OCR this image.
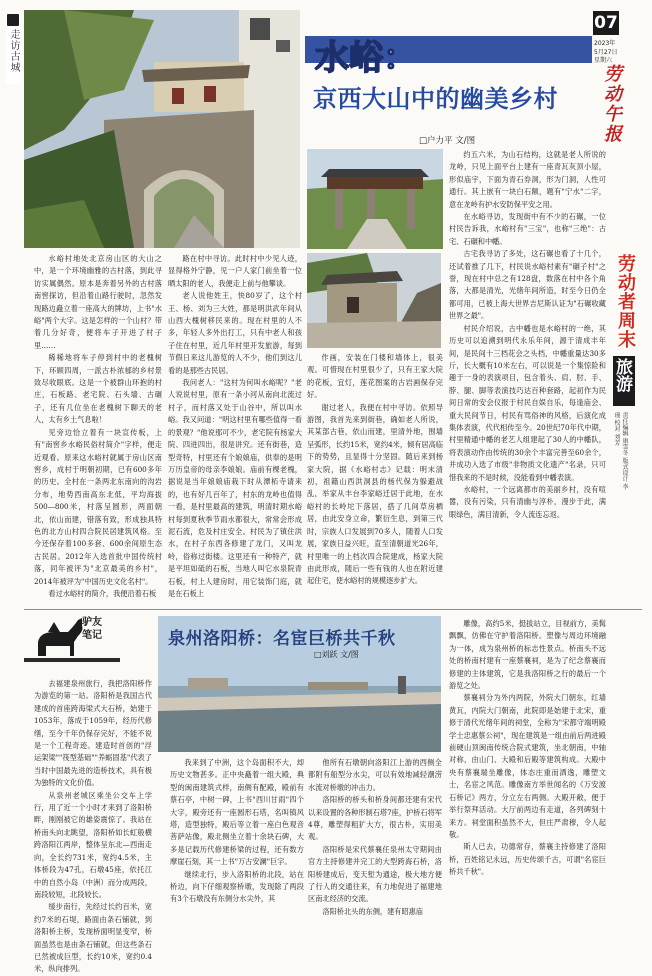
走访古城	水峪：
京西大山中的幽美乡村
□户力平 文/图
07
2023年
5月27日
星期六
劳动午报
劳动者周末
旅游
责任编辑 康雪冬 版式设计 李瑶 校对 刘芳

水峪村地处北京房山区的大山之中，是一个环境幽雅的古村落，到此寻访实属偶然。原本是奔着另外的古村落南窖探访，但沿着山路行驶时，忽然发现路边矗立着一座高大的牌坊，上书"水峪"两个大字。这是怎样的一个山村？带着几分好奇，便将车子开进了村子里……

稀稀地将车子停到村中的老槐树下，环顾四周，一派古朴浓郁的乡村景致尽收眼底。这是一个被群山环抱的村庄，石板路、老宅院、石头墙、古碾子，还有几位坐在老槐树下聊天的老人，太有乡土气息啦！

见旁边恰立着有一块宣传板，上有"南窖乡水峪民俗村简介"字样，便走近观看。原来这水峪村就属于房山区南窖乡，成村于明朝初期，已有600多年的历史。全村在一条两北东南向的沟岩分布，地势西南高东北低，平均海拔500—800米，村落呈圆形，两面朝北，依山而建，错落有致，形成独具特色的北方山村四合院民居建筑风格。至今还保存着100多套、600余间原生态古民居。2012年入选首批中国传统村落，同年被评为"北京最美的乡村"，2014年被评为"中国历史文化名村"。

看过水峪村的简介，我便沿着石板

路在村中寻访。此时村中少见人迹，显得格外宁静，见一户人家门前坐着一位晒太阳的老人，我便走上前与他攀谈。

老人说他姓王，快80岁了，这个村王、杨、刘为三大姓，都是明洪武年间从山西大槐树移民来的。现在村里的人不多，年轻人多外出打工，只有中老人和孩子住在村里，近几年村里开发旅游，每到节假日来这儿游览的人不少，他们到这儿看的是那些古民居。

我问老人："这村为何叫水峪呢？"老人说说村里，原有一条小河从南向北流过村子，而村落又处于山谷中，所以叫水峪。我又问道："明这村里有哪些值得一看的景观？"他说那可不少，老宅院有杨家大院、四进四出，很是讲究。还有街巷，造型奇特，村里还有个娘娘庙，供奉的是明万历皇帝的母亲李娘娘。庙前有棵老槐，据说是当年娘娘庙栽下时从潭柘寺请来的，也有好几百年了，村东的龙岭也值得一看，是村里最高的建筑，明清时期水峪村每到夏秋季节雨水都很大，常常会形成泥石流，危及村庄安全。村民为了镇住洪水，在村子东西各修建了龙门，又叫龙岭，俗称过街楼。这里还有一种特产，就是平坦如砥的石板，当地人叫它水泉院青石板，村上人建房时，用它装饰门庭，就是在石板上

作画，安装在门楼和墙体上，很美观。可惜现在村里很少了，只有王家大院的花板，宜灯，莲花图案的古岩画保存完好。

谢过老人，我便在村中寻访。依照导游图，我首先来到街巷，确如老人所说，其某部古巷，依山而建，里清外地，围墙呈弧形，长约15米，宽约4米，倾有居高临下的势势，且显得十分坚固。随后来到杨家大院，据《水峪村志》记载：明末清初，祖籍山西洪洞县的杨代保为躲避战乱，举家从丰台李家峪迁居于此地，在水峪村的长岭坨下落居，搭了几间草房栖居，由此安身立命，繁衍生息，到第三代时，宗族人口发展到70多人，随着人口发展，家族日益兴旺，直至清朝道光26年，村里唯一的上档次四合院建成，杨家大院由此形成，随后一些有钱的人也在附近建起住宅，使水峪村的规模逐步扩大。

约五六米，为山石结构，这就是老人所说的龙岭，只见上面平台上建有一座青瓦灰顶小屋，形似庙宇，下面为青石券洞，形为门洞，人性可通行。其上嵌有一块白石额，题有"宁水"二字，意在龙岭有护水安防保平安之用。

在水峪寻访，发现街中有不少的石碾，一位村民告诉我，水峪村有"三宝"，也称"三绝"：古宅、石碾和中幡。

古宅我寻访了多处，这石碾也看了十几个，还试着推了几下，村民说水峪村素有"碾子村"之誉，现在村中总之有128盘，数落在村中各个角落，大都是清光，光绪年间所造，时至今日仍全都可用，已被上海大世界吉尼斯认证为"石碾收藏世界之最"。

村民介绍说，古中幡也是水峪村的一绝，其历史可以追溯到明代永乐年间，源于清成丰年间，是民间十三档花会之头档，中幡重量达30多斤，长大概有10米左右，可以说是一个集惊险和趣于一身的表演项目，包含着头、肩、肘、手、脖、腿、脚等表演技巧达百种套路，起初作为民间日常的安会仪报于村民自娱自乐，每逢庙会、重大民间节日，村民有骂俗神的风格，后演化成集体表演，代代相传至今。20世纪70年代中期，村里精通中幡的老艺人组建起了30人的中幡队，将表演动作由传统的30余个丰富完善至60余个，并成功入选了市级"非物质文化遗产"名录，只可惜我来的不是时候，没能看到中幡表演。

水峪村，一个远离都市的美丽乡村，没有喧嚣，没有污染，只有清幽与淳朴，漫步于此，满眼绿色，满目清新，令人流连忘返。

驴友
笔记	泉州洛阳桥：名宦巨桥共千秋
□刘跃 文/图

去福建泉州旅行，我把洛阳桥作为游览的第一站。洛阳桥是我国古代建成的首座跨海梁式大石桥，始建于1053年，落成于1059年，经历代修缮，至今千年仍保存完好，不能不说是一个工程奇迹。建造时首创的"浮运架梁""筏型基础""养蛎固基"代表了当时中国最先进的造桥技术，具有极为独特的文化价值。

从泉州老城区乘坐公交车上学行，用了近一个小时才来到了洛阳桥畔，刚刚被它的雄姿震惊了。我站在桥南头向北眺望，洛阳桥如长虹般横跨洛阳江两岸，整体呈东北—西南走向，全长约731米，宽约4.5米，主体桥段为47孔，石墩45座，依托江中的自然小岛（中洲）而分成两段，南段较短，北段较长。

缓步南行，先经过长约百米，宽约7米的石堤，路面由条石铺就，到洛阳桥主桥，发现桥面明显变窄，桥面虽然也是由条石铺就，但这些条石已然被成巨型，长约10米，宽约0.4米，纵向排列。

我来到了中洲，这个岛面积不大，却历史文物甚多。正中央矗着一组大殿，典型的闽南建筑式样，南侧有配殿，殿前有蔡石亭，中树一碑，上书"西川甘雨"四个大字，殿旁还有一座圆形石塔，名叫镇风塔，造型独特，殿后等立着一座白色观音菩萨站像，殿北侧坐立着十余块石碑，大多是记载历代修建桥梁的过程，还有数方摩崖石刻，其一上书"万古安澜"巨字。

继续北行，步入洛阳桥的北段，站在桥边，向下仔细观察桥墩，发现除了两段有3个石墩没有东侧分水尖外，其

他所有石墩朝向洛阳江上游的西侧全都附有船型分水尖，可以有效地减轻潮涝水流对桥墩的冲击力。

洛阳桥的桥头和桥身间都还建有宋代以来设置的各种形制石塔7座，护桥石将军4尊，雕塑得粗犷大方，很古朴，实用美观。

洛阳桥是宋代蔡襄任泉州太守期间由官方主持修建并完工的大型跨海石桥，洛阳桥建成后，变天堑为通途，极大地方便了行人的交通往来，有力地促进了福建地区南北经济的交流。

洛阳桥北头的东侧，建有昭惠庙

雕像，高约5米，挺拔站立，目视前方，美髯飘飘，仿佛在守护着洛阳桥。塑像与周边环境融为一体，成为泉州桥的标志性景点。桥南头不远处的桥南村建有一座蔡襄祠，是为了纪念蔡襄而修建的主体建筑，它是我洛阳桥之行的最后一个游览之处。

蔡襄祠分为外内两院，外院大门朝东，红墙黄瓦，内院大门朝南，此院即是始建于北宋，重修于清代光绪年间的祠堂，全称为"宋都守端明殿学士忠惠蔡公祠"，现在建筑是一组由前后两进殿前硬山顶闽南传统合院式建筑，坐北朝南，中轴对称，由山门、大殿和后殿等建筑构成。大殿中央有蔡襄端坐雕像，体态庄重而洒逸，雕塑文士，名宦之风范。雕像南方举世闻名的《万安渡石桥记》两方，分立左右两侧。大殿开敞，便于举行祭拜活动。大厅前两边有走道，各列碑刻十来方。祠堂面积虽然不大，但庄严肃穆，令人起敬。

斯人已去，功德常存，蔡襄主持修建了洛阳桥，百姓铭记永远，历史传颂千古，可谓"名宦巨桥共千秋"。
